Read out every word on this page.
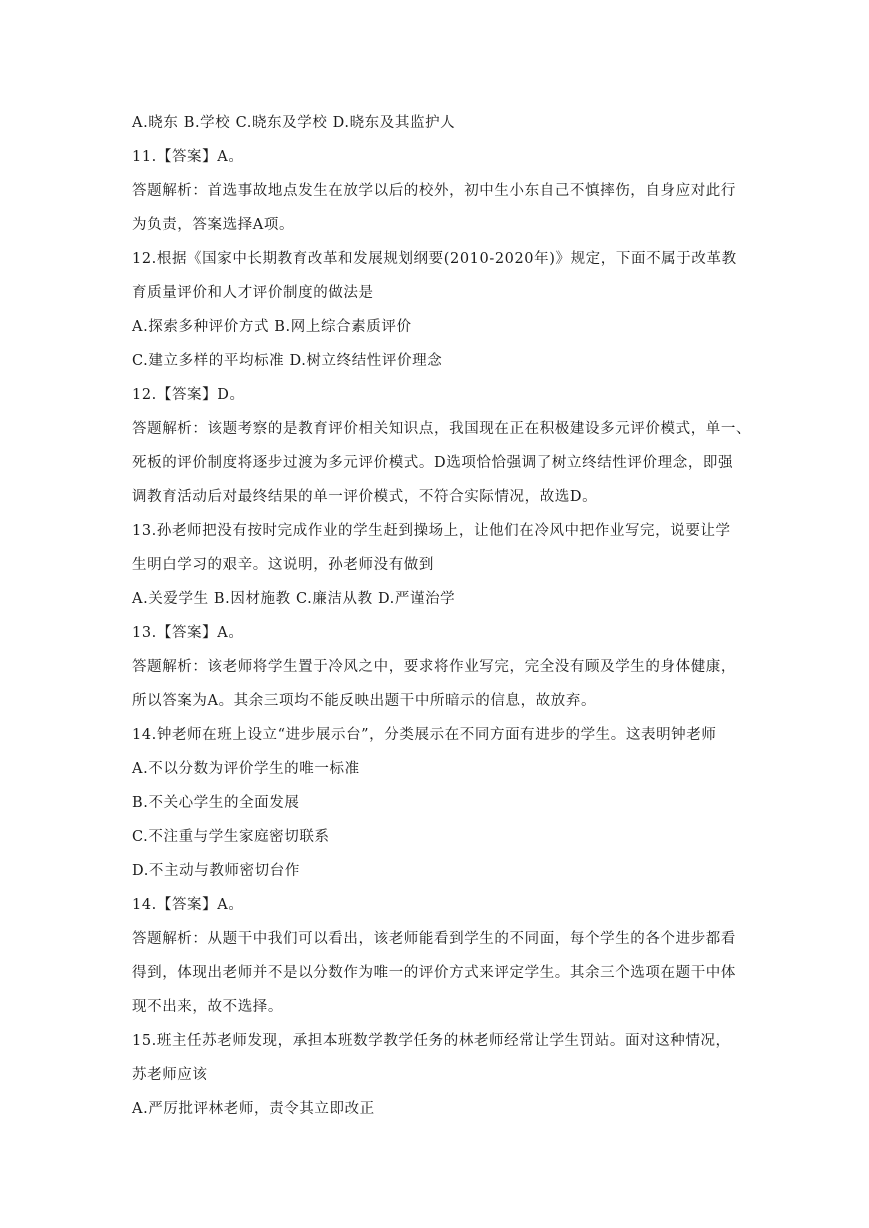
A.晓东 B.学校 C.晓东及学校 D.晓东及其监护人

11.【答案】A。

答题解析：首选事故地点发生在放学以后的校外，初中生小东自己不慎摔伤，自身应对此行

为负责，答案选择A项。

12.根据《国家中长期教育改革和发展规划纲要(2010-2020年)》规定，下面不属于改革教

育质量评价和人才评价制度的做法是

A.探索多种评价方式 B.网上综合素质评价

C.建立多样的平均标准 D.树立终结性评价理念

12.【答案】D。

答题解析：该题考察的是教育评价相关知识点，我国现在正在积极建设多元评价模式，单一、

死板的评价制度将逐步过渡为多元评价模式。D选项恰恰强调了树立终结性评价理念，即强

调教育活动后对最终结果的单一评价模式，不符合实际情况，故选D。

13.孙老师把没有按时完成作业的学生赶到操场上，让他们在冷风中把作业写完，说要让学

生明白学习的艰辛。这说明，孙老师没有做到

A.关爱学生 B.因材施教 C.廉洁从教 D.严谨治学

13.【答案】A。

答题解析：该老师将学生置于冷风之中，要求将作业写完，完全没有顾及学生的身体健康，

所以答案为A。其余三项均不能反映出题干中所暗示的信息，故放弃。

14.钟老师在班上设立“进步展示台”，分类展示在不同方面有进步的学生。这表明钟老师

A.不以分数为评价学生的唯一标准

B.不关心学生的全面发展

C.不注重与学生家庭密切联系

D.不主动与教师密切台作

14.【答案】A。

答题解析：从题干中我们可以看出，该老师能看到学生的不同面，每个学生的各个进步都看

得到，体现出老师并不是以分数作为唯一的评价方式来评定学生。其余三个选项在题干中体

现不出来，故不选择。

15.班主任苏老师发现，承担本班数学教学任务的林老师经常让学生罚站。面对这种情况，

苏老师应该

A.严厉批评林老师，责令其立即改正
